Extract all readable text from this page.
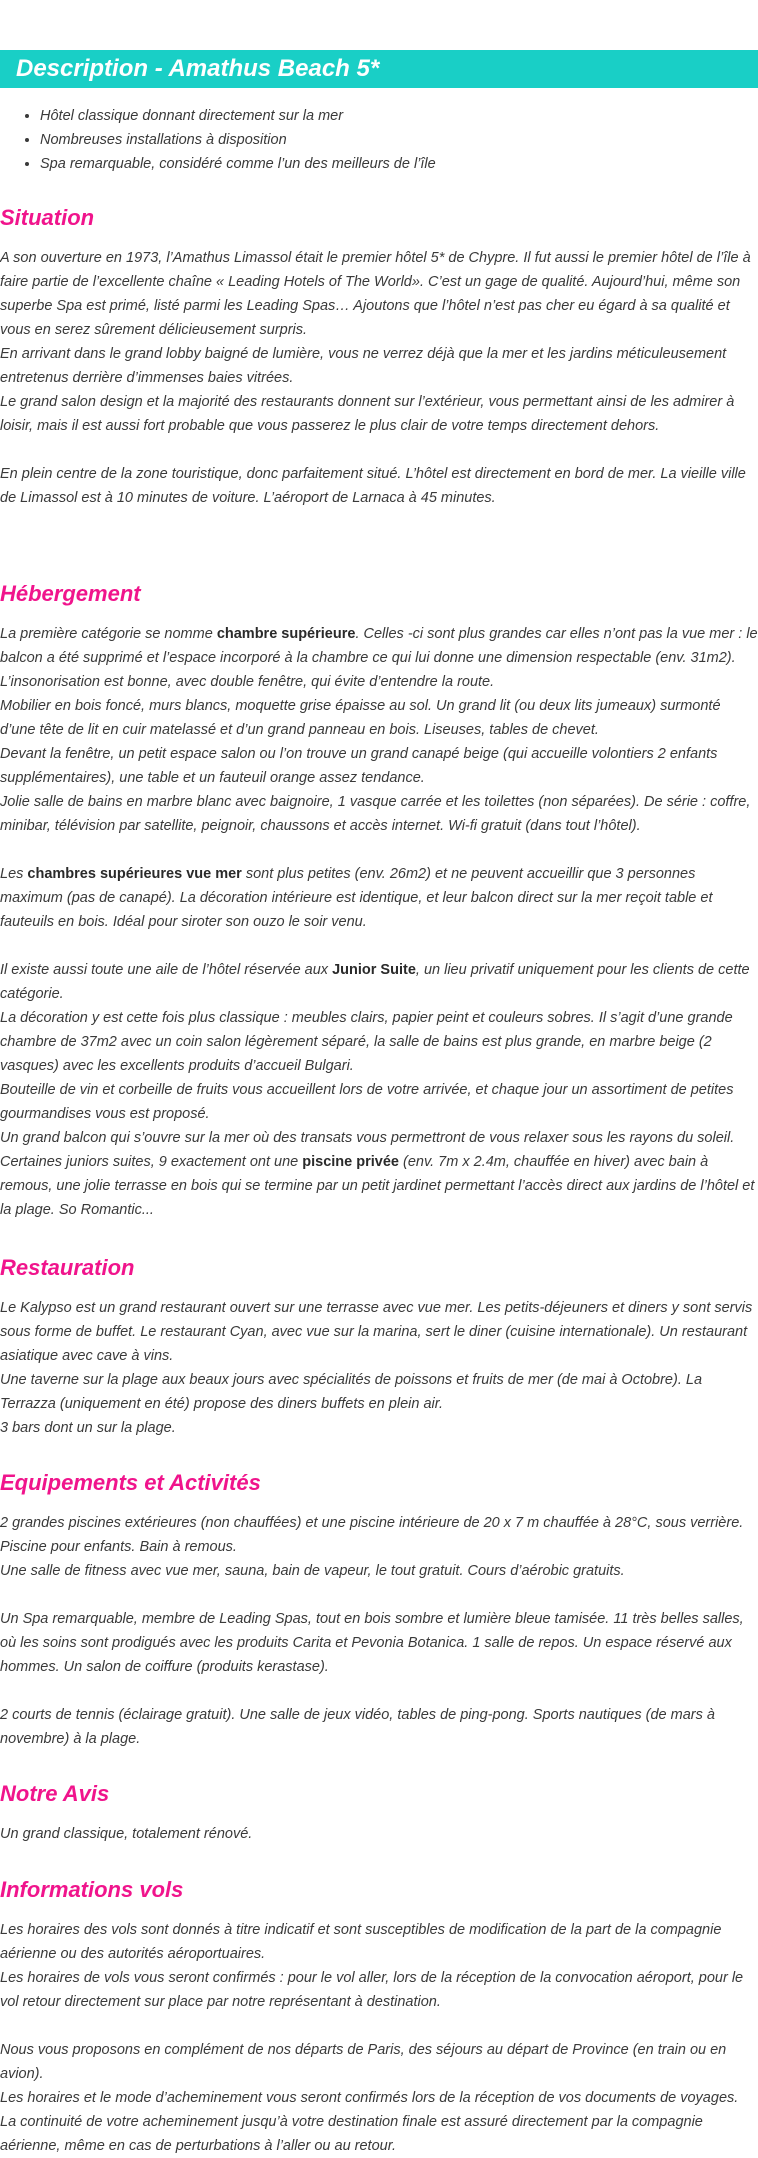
Description - Amathus Beach 5*
• Hôtel classique donnant directement sur la mer
• Nombreuses installations à disposition
• Spa remarquable, considéré comme l’un des meilleurs de l’île
Situation

A son ouverture en 1973, l’Amathus Limassol était le premier hôtel 5* de Chypre. Il fut aussi le premier hôtel de l’île à faire partie de l’excellente chaîne « Leading Hotels of The World». C’est un gage de qualité. Aujourd’hui, même son superbe Spa est primé, listé parmi les Leading Spas… Ajoutons que l’hôtel n’est pas cher eu égard à sa qualité et vous en serez sûrement délicieusement surpris.

En arrivant dans le grand lobby baigné de lumière, vous ne verrez déjà que la mer et les jardins méticuleusement entretenus derrière d’immenses baies vitrées.

Le grand salon design et la majorité des restaurants donnent sur l’extérieur, vous permettant ainsi de les admirer à loisir, mais il est aussi fort probable que vous passerez le plus clair de votre temps directement dehors.

En plein centre de la zone touristique, donc parfaitement situé. L’hôtel est directement en bord de mer. La vieille ville de Limassol est à 10 minutes de voiture. L’aéroport de Larnaca à 45 minutes.

Hébergement

La première catégorie se nomme chambre supérieure. Celles -ci sont plus grandes car elles n’ont pas la vue mer : le balcon a été supprimé et l’espace incorporé à la chambre ce qui lui donne une dimension respectable (env. 31m2). L’insonorisation est bonne, avec double fenêtre, qui évite d’entendre la route.

Mobilier en bois foncé, murs blancs, moquette grise épaisse au sol. Un grand lit (ou deux lits jumeaux) surmonté d’une tête de lit en cuir matelassé et d’un grand panneau en bois. Liseuses, tables de chevet.

Devant la fenêtre, un petit espace salon ou l’on trouve un grand canapé beige (qui accueille volontiers 2 enfants supplémentaires), une table et un fauteuil orange assez tendance.

Jolie salle de bains en marbre blanc avec baignoire, 1 vasque carrée et les toilettes (non séparées). De série : coffre, minibar, télévision par satellite, peignoir, chaussons et accès internet. Wi-fi gratuit (dans tout l’hôtel).

Les chambres supérieures vue mer sont plus petites (env. 26m2) et ne peuvent accueillir que 3 personnes maximum (pas de canapé). La décoration intérieure est identique, et leur balcon direct sur la mer reçoit table et fauteuils en bois. Idéal pour siroter son ouzo le soir venu.

Il existe aussi toute une aile de l’hôtel réservée aux Junior Suite, un lieu privatif uniquement pour les clients de cette catégorie.

La décoration y est cette fois plus classique : meubles clairs, papier peint et couleurs sobres. Il s’agit d’une grande chambre de 37m2 avec un coin salon légèrement séparé, la salle de bains est plus grande, en marbre beige (2 vasques) avec les excellents produits d’accueil Bulgari.

Bouteille de vin et corbeille de fruits vous accueillent lors de votre arrivée, et chaque jour un assortiment de petites gourmandises vous est proposé.

Un grand balcon qui s’ouvre sur la mer où des transats vous permettront de vous relaxer sous les rayons du soleil.

Certaines juniors suites, 9 exactement ont une piscine privée (env. 7m x 2.4m, chauffée en hiver) avec bain à remous, une jolie terrasse en bois qui se termine par un petit jardinet permettant l’accès direct aux jardins de l’hôtel et la plage. So Romantic...

Restauration

Le Kalypso est un grand restaurant ouvert sur une terrasse avec vue mer. Les petits-déjeuners et diners y sont servis sous forme de buffet. Le restaurant Cyan, avec vue sur la marina, sert le diner (cuisine internationale). Un restaurant asiatique avec cave à vins.

Une taverne sur la plage aux beaux jours avec spécialités de poissons et fruits de mer (de mai à Octobre). La Terrazza (uniquement en été) propose des diners buffets en plein air.

3 bars dont un sur la plage.

Equipements et Activités

2 grandes piscines extérieures (non chauffées) et une piscine intérieure de 20 x 7 m chauffée à 28°C, sous verrière. Piscine pour enfants. Bain à remous.

Une salle de fitness avec vue mer, sauna, bain de vapeur, le tout gratuit. Cours d’aérobic gratuits.

Un Spa remarquable, membre de Leading Spas, tout en bois sombre et lumière bleue tamisée. 11 très belles salles, où les soins sont prodigués avec les produits Carita et Pevonia Botanica. 1 salle de repos. Un espace réservé aux hommes. Un salon de coiffure (produits kerastase).

2 courts de tennis (éclairage gratuit). Une salle de jeux vidéo, tables de ping-pong. Sports nautiques (de mars à novembre) à la plage.

Notre Avis

Un grand classique, totalement rénové.

Informations vols

Les horaires des vols sont donnés à titre indicatif et sont susceptibles de modification de la part de la compagnie aérienne ou des autorités aéroportuaires.

Les horaires de vols vous seront confirmés : pour le vol aller, lors de la réception de la convocation aéroport, pour le vol retour directement sur place par notre représentant à destination.

Nous vous proposons en complément de nos départs de Paris, des séjours au départ de Province (en train ou en avion).

Les horaires et le mode d’acheminement vous seront confirmés lors de la réception de vos documents de voyages.

La continuité de votre acheminement jusqu’à votre destination finale est assuré directement par la compagnie aérienne, même en cas de perturbations à l’aller ou au retour.
